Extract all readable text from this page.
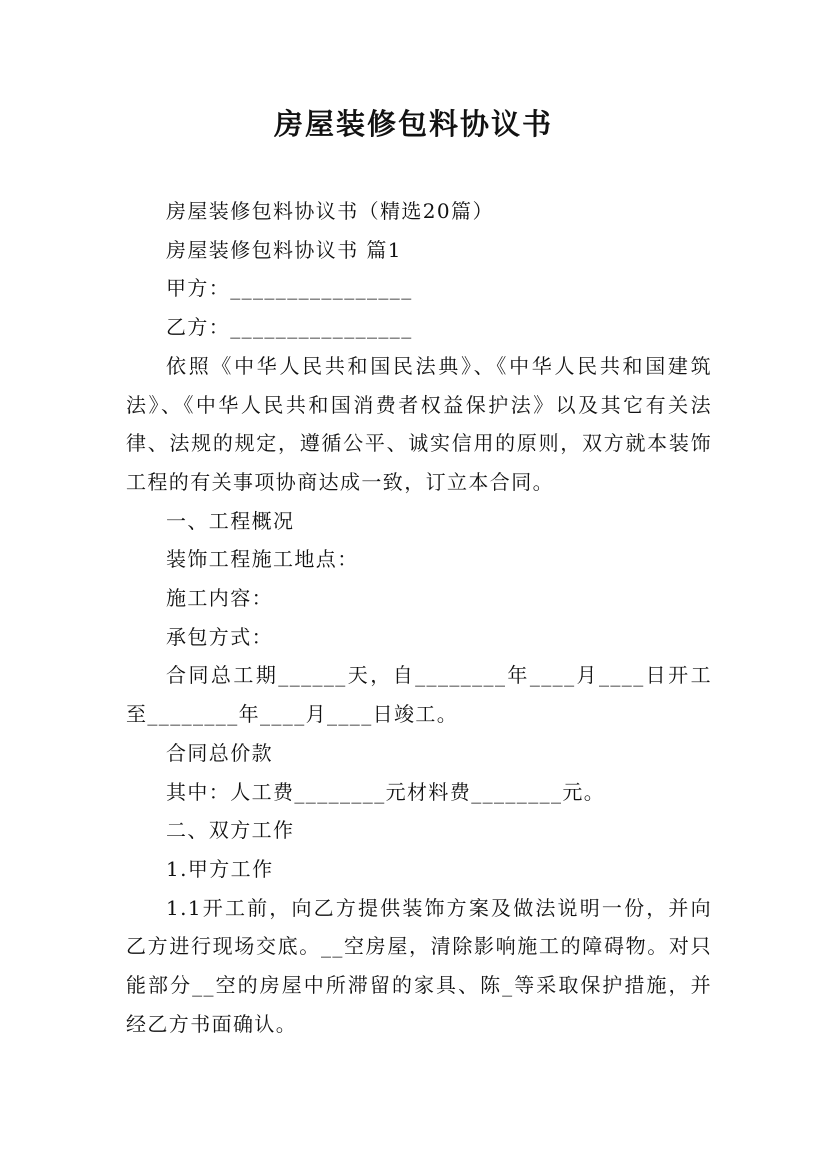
房屋装修包料协议书

房屋装修包料协议书（精选20篇）

房屋装修包料协议书 篇1

甲方：________________

乙方：________________

依照《中华人民共和国民法典》、《中华人民共和国建筑法》、《中华人民共和国消费者权益保护法》以及其它有关法律、法规的规定，遵循公平、诚实信用的原则，双方就本装饰工程的有关事项协商达成一致，订立本合同。

一、工程概况

装饰工程施工地点：

施工内容：

承包方式：

合同总工期______天，自________年____月____日开工至________年____月____日竣工。

合同总价款

其中：人工费________元材料费________元。

二、双方工作

1.甲方工作

1.1开工前，向乙方提供装饰方案及做法说明一份，并向乙方进行现场交底。__空房屋，清除影响施工的障碍物。对只能部分__空的房屋中所滞留的家具、陈_等采取保护措施，并经乙方书面确认。
